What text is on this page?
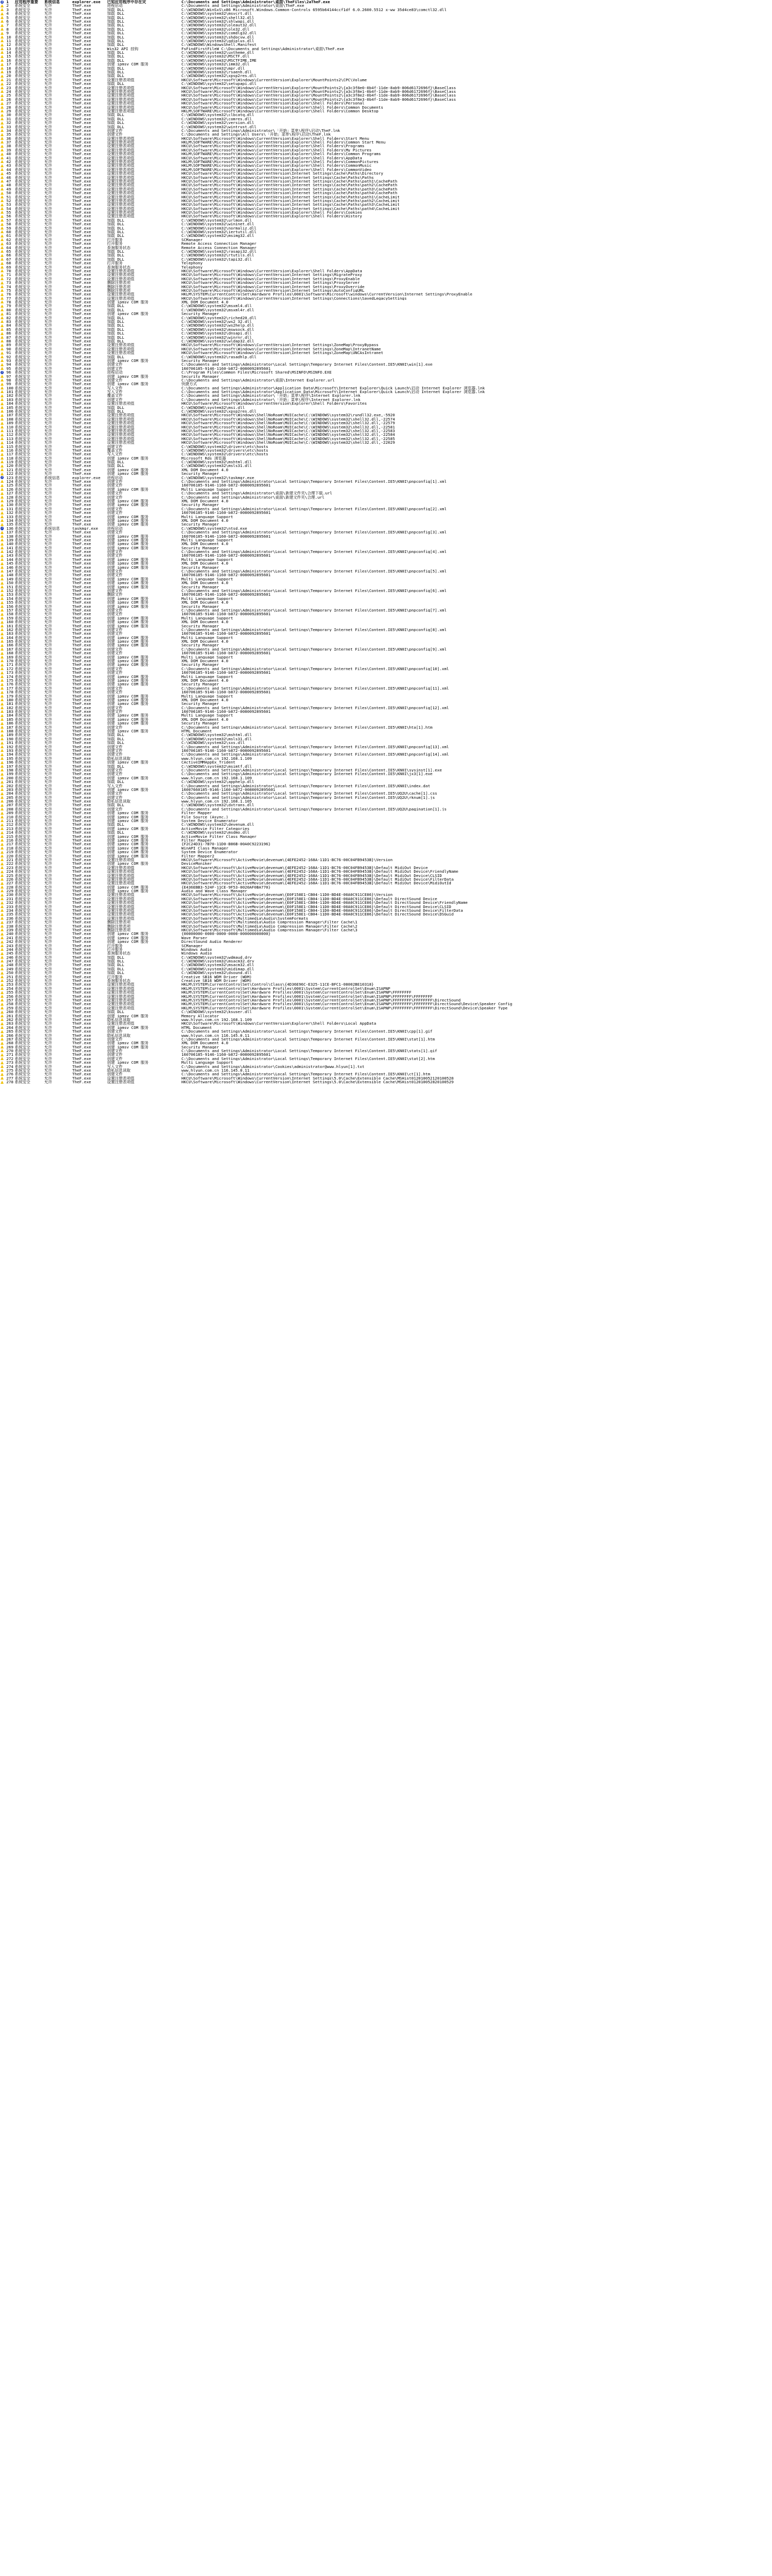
i 1	应用程序重要	系统信息	explorer.exe	已知应用程序中存在灾	C:\Documents and Settings\Administrator\桌面\TheFiles\2aTheF.exe
2	系统安全	允许	TheF.exe	进程启动	C:\Documents and Settings\Administrator\桌面\TheF.exe
3	系统安全	允许	TheF.exe	加载 DLL	C:\WINDOWS\WinSxS\x86_Microsoft.Windows.Common-Controls_6595b64144ccf1df_6.0.2600.5512_x-ww_35d4ce83\comctl32.dll
4	系统安全	允许	TheF.exe	加载 DLL	C:\WINDOWS\system32\msvcrt.dll
5	系统安全	允许	TheF.exe	加载 DLL	C:\WINDOWS\system32\shell32.dll
6	系统安全	允许	TheF.exe	加载 DLL	C:\WINDOWS\system32\shlwapi.dll
7	系统安全	允许	TheF.exe	加载 DLL	C:\WINDOWS\system32\oleaut32.dll
8	系统安全	允许	TheF.exe	加载 DLL	C:\WINDOWS\system32\ole32.dll
9	系统安全	允许	TheF.exe	加载 DLL	C:\WINDOWS\system32\comdlg32.dll
10 系统安全	允许	TheF.exe	加载 DLL	C:\WINDOWS\system32\shdocvw.dll
11 系统安全	允许	TheF.exe	加载 DLL	C:\WINDOWS\system32\gdiplus.dll
12 系统安全	允许	TheF.exe	加载 DLL	C:\WINDOWS\WindowsShell.Manifest
13 系统安全	允许	TheF.exe	Win32 API 挂钩	FsFindFirstFileW C:\Documents and Settings\Administrator\桌面\TheF.exe
14 系统安全	允许	TheF.exe	加载 DLL	C:\WINDOWS\system32\uxtheme.dll
15 系统安全	允许	TheF.exe	加载 DLL	C:\WINDOWS\system32\MSCTF.dll
16 系统安全	允许	TheF.exe	加载 DLL	C:\WINDOWS\system32\MSCTFIME.IME
17 系统安全	允许	TheF.exe	创建 ipmsv COM 服务	C:\WINDOWS\system32\imm32.dll
18 系统安全	允许	TheF.exe	加载 DLL	C:\WINDOWS\system32\mpr.dll
19 系统安全	允许	TheF.exe	加载 DLL	C:\WINDOWS\system32\rsaenh.dll
20 系统安全	允许	TheF.exe	加载 DLL	C:\WINDOWS\system32\xpsp2res.dll
21 系统安全	允许	TheF.exe	设置注册表项值	HKCU\Software\Microsoft\Windows\CurrentVersion\Explorer\MountPoints2\CPC\Volume
22 系统安全	允许	TheF.exe	加载 DLL	C:\WINDOWS\system32\setupapi.dll
23 系统安全	允许	TheF.exe	设置注册表项值	HKCU\Software\Microsoft\Windows\CurrentVersion\Explorer\MountPoints2\{a3c3f8e0-0b4f-11de-8ab9-806d6172696f}\BaseClass
24 系统安全	允许	TheF.exe	设置注册表项值	HKCU\Software\Microsoft\Windows\CurrentVersion\Explorer\MountPoints2\{a3c3f8e1-0b4f-11de-8ab9-806d6172696f}\BaseClass
25 系统安全	允许	TheF.exe	设置注册表项值	HKCU\Software\Microsoft\Windows\CurrentVersion\Explorer\MountPoints2\{a3c3f8e2-0b4f-11de-8ab9-806d6172696f}\BaseClass
26 系统安全	允许	TheF.exe	设置注册表项值	HKCU\Software\Microsoft\Windows\CurrentVersion\Explorer\MountPoints2\{a3c3f8e3-0b4f-11de-8ab9-806d6172696f}\BaseClass
27 系统安全	允许	TheF.exe	设置注册表项值	HKCU\Software\Microsoft\Windows\CurrentVersion\Explorer\Shell Folders\Personal
28 系统安全	允许	TheF.exe	设置注册表项值	HKCU\Software\Microsoft\Windows\CurrentVersion\Explorer\Shell Folders\Common Documents
29 系统安全	允许	TheF.exe	设置注册表项值	HKLM\SOFTWARE\Microsoft\Windows\CurrentVersion\Explorer\Shell Folders\Common Desktop
30 系统安全	允许	TheF.exe	加载 DLL	C:\WINDOWS\system32\clbcatq.dll
31 系统安全	允许	TheF.exe	加载 DLL	C:\WINDOWS\system32\comres.dll
32 系统安全	允许	TheF.exe	加载 DLL	C:\WINDOWS\system32\version.dll
33 系统安全	允许	TheF.exe	加载 DLL	C:\WINDOWS\system32\wintrust.dll
34 系统安全	允许	TheF.exe	创建文件	C:\Documents and Settings\Administrator\「开始」菜单\程序\启动\TheF.lnk
35 系统安全	允许	TheF.exe	创建文件	C:\Documents and Settings\All Users\「开始」菜单\程序\启动\TheF.lnk
36 系统安全	允许	TheF.exe	设置注册表项值	HKCU\Software\Microsoft\Windows\CurrentVersion\Explorer\Shell Folders\Start Menu
37 系统安全	允许	TheF.exe	设置注册表项值	HKLM\SOFTWARE\Microsoft\Windows\CurrentVersion\Explorer\Shell Folders\Common Start Menu
38 系统安全	允许	TheF.exe	设置注册表项值	HKCU\Software\Microsoft\Windows\CurrentVersion\Explorer\Shell Folders\Programs
39 系统安全	允许	TheF.exe	设置注册表项值	HKCU\Software\Microsoft\Windows\CurrentVersion\Explorer\Shell Folders\My Pictures
40 系统安全	允许	TheF.exe	设置注册表项值	HKLM\SOFTWARE\Microsoft\Windows\CurrentVersion\Explorer\Shell Folders\Common Programs
41 系统安全	允许	TheF.exe	设置注册表项值	HKCU\Software\Microsoft\Windows\CurrentVersion\Explorer\Shell Folders\AppData
42 系统安全	允许	TheF.exe	设置注册表项值	HKLM\SOFTWARE\Microsoft\Windows\CurrentVersion\Explorer\Shell Folders\CommonPictures
43 系统安全	允许	TheF.exe	设置注册表项值	HKLM\SOFTWARE\Microsoft\Windows\CurrentVersion\Explorer\Shell Folders\CommonMusic
44 系统安全	允许	TheF.exe	设置注册表项值	HKLM\SOFTWARE\Microsoft\Windows\CurrentVersion\Explorer\Shell Folders\CommonVideo
45 系统安全	允许	TheF.exe	设置注册表项值	HKCU\Software\Microsoft\Windows\CurrentVersion\Internet Settings\Cache\Paths\Directory
46 系统安全	允许	TheF.exe	设置注册表项值	HKCU\Software\Microsoft\Windows\CurrentVersion\Internet Settings\Cache\Paths\Paths
47 系统安全	允许	TheF.exe	设置注册表项值	HKCU\Software\Microsoft\Windows\CurrentVersion\Internet Settings\Cache\Paths\path1\CachePath
48 系统安全	允许	TheF.exe	设置注册表项值	HKCU\Software\Microsoft\Windows\CurrentVersion\Internet Settings\Cache\Paths\path2\CachePath
49 系统安全	允许	TheF.exe	设置注册表项值	HKCU\Software\Microsoft\Windows\CurrentVersion\Internet Settings\Cache\Paths\path3\CachePath
50 系统安全	允许	TheF.exe	设置注册表项值	HKCU\Software\Microsoft\Windows\CurrentVersion\Internet Settings\Cache\Paths\path4\CachePath
51 系统安全	允许	TheF.exe	设置注册表项值	HKCU\Software\Microsoft\Windows\CurrentVersion\Internet Settings\Cache\Paths\path1\CacheLimit
52 系统安全	允许	TheF.exe	设置注册表项值	HKCU\Software\Microsoft\Windows\CurrentVersion\Internet Settings\Cache\Paths\path2\CacheLimit
53 系统安全	允许	TheF.exe	设置注册表项值	HKCU\Software\Microsoft\Windows\CurrentVersion\Internet Settings\Cache\Paths\path3\CacheLimit
54 系统安全	允许	TheF.exe	设置注册表项值	HKCU\Software\Microsoft\Windows\CurrentVersion\Internet Settings\Cache\Paths\path4\CacheLimit
55 系统安全	允许	TheF.exe	设置注册表项值	HKCU\Software\Microsoft\Windows\CurrentVersion\Explorer\Shell Folders\Cookies
56 系统安全	允许	TheF.exe	设置注册表项值	HKCU\Software\Microsoft\Windows\CurrentVersion\Explorer\Shell Folders\History
57 系统安全	允许	TheF.exe	加载 DLL	C:\WINDOWS\system32\urlmon.dll
58 系统安全	允许	TheF.exe	加载 DLL	C:\WINDOWS\system32\wininet.dll
59 系统安全	允许	TheF.exe	加载 DLL	C:\WINDOWS\system32\normaliz.dll
60 系统安全	允许	TheF.exe	加载 DLL	C:\WINDOWS\system32\iertutil.dll
61 系统安全	允许	TheF.exe	加载 DLL	C:\WINDOWS\system32\msimg32.dll
62 系统安全	允许	TheF.exe	打开服务	SCManager
63 系统安全	允许	TheF.exe	打开服务	Remote Access Connection Manager
64 系统安全	允许	TheF.exe	查询服务状态	Remote Access Connection Manager
65 系统安全	允许	TheF.exe	加载 DLL	C:\WINDOWS\system32\rasapi32.dll
66 系统安全	允许	TheF.exe	加载 DLL	C:\WINDOWS\system32\rtutils.dll
67 系统安全	允许	TheF.exe	加载 DLL	C:\WINDOWS\system32\tapi32.dll
68 系统安全	允许	TheF.exe	打开服务	Telephony
69 系统安全	允许	TheF.exe	查询服务状态	Telephony
70 系统安全	允许	TheF.exe	设置注册表项值	HKCU\Software\Microsoft\Windows\CurrentVersion\Explorer\Shell Folders\AppData
71 系统安全	允许	TheF.exe	设置注册表项值	HKCU\Software\Microsoft\Windows\CurrentVersion\Internet Settings\MigrateProxy
72 系统安全	允许	TheF.exe	设置注册表项值	HKCU\Software\Microsoft\Windows\CurrentVersion\Internet Settings\ProxyEnable
73 系统安全	允许	TheF.exe	删除注册表项	HKCU\Software\Microsoft\Windows\CurrentVersion\Internet Settings\ProxyServer
74 系统安全	允许	TheF.exe	删除注册表项	HKCU\Software\Microsoft\Windows\CurrentVersion\Internet Settings\ProxyOverride
75 系统安全	允许	TheF.exe	删除注册表项	HKCU\Software\Microsoft\Windows\CurrentVersion\Internet Settings\AutoConfigURL
76 系统安全	允许	TheF.exe	设置注册表项值	HKLM\SYSTEM\CurrentControlSet\Hardware Profiles\0001\Software\Microsoft\windows\CurrentVersion\Internet Settings\ProxyEnable
77 系统安全	允许	TheF.exe	设置注册表项值	HKCU\Software\Microsoft\Windows\CurrentVersion\Internet Settings\Connections\SavedLegacySettings
78 系统安全	允许	TheF.exe	创建 ipmsv COM 服务	XML DOM Document 4.0
79 系统安全	允许	TheF.exe	加载 DLL	C:\WINDOWS\system32\msxml4.dll
80 系统安全	允许	TheF.exe	加载 DLL	C:\WINDOWS\system32\msxml4r.dll
81 系统安全	允许	TheF.exe	创建 ipmsv COM 服务	Security Manager
82 系统安全	允许	TheF.exe	加载 DLL	C:\WINDOWS\system32\riched20.dll
83 系统安全	允许	TheF.exe	加载 DLL	C:\WINDOWS\system32\ws2_32.dll
84 系统安全	允许	TheF.exe	加载 DLL	C:\WINDOWS\system32\ws2help.dll
85 系统安全	允许	TheF.exe	加载 DLL	C:\WINDOWS\system32\mswsock.dll
86 系统安全	允许	TheF.exe	加载 DLL	C:\WINDOWS\system32\dnsapi.dll
87 系统安全	允许	TheF.exe	加载 DLL	C:\WINDOWS\system32\winrnr.dll
88 系统安全	允许	TheF.exe	加载 DLL	C:\WINDOWS\system32\wldap32.dll
89 系统安全	允许	TheF.exe	设置注册表项值	HKCU\Software\Microsoft\Windows\CurrentVersion\Internet Settings\ZoneMap\ProxyBypass
90 系统安全	允许	TheF.exe	设置注册表项值	HKCU\Software\Microsoft\Windows\CurrentVersion\Internet Settings\ZoneMap\IntranetName
91 系统安全	允许	TheF.exe	设置注册表项值	HKCU\Software\Microsoft\Windows\CurrentVersion\Internet Settings\ZoneMap\UNCAsIntranet
92 系统安全	允许	TheF.exe	加载 DLL	C:\WINDOWS\system32\rasadhlp.dll
93 系统安全	允许	TheF.exe	创建 ipmsv COM 服务	Security Manager
94 系统安全	允许	TheF.exe	创建文件	C:\Documents and Settings\Administrator\Local Settings\Temporary Internet Files\Content.IE5\KN0I\win[1].exe
95 系统安全	允许	TheF.exe	创建文件	160706185-9146-1160-b872-0080092895601
i 96 系统安全	允许	TheF.exe	进程启动	C:\Program Files\Common Files\Microsoft Shared\MSINFO\MSINFO.EXE
97 系统安全	允许	TheF.exe	创建 ipmsv COM 服务	Security Manager
98 系统安全	允许	TheF.exe	创建文件	C:\Documents and Settings\Administrator\桌面\Internet Explorer.url
99 系统安全	允许	TheF.exe	创建 ipmsv COM 服务	快捷方式
100 系统安全	允许	TheF.exe	写入文件	C:\Documents and Settings\Administrator\Application Data\Microsoft\Internet Explorer\Quick Launch\启动 Internet Explorer 浏览器.lnk
101 系统安全	允许	TheF.exe	写入文件	C:\Documents and Settings\Administrator\Application Data\Microsoft\Internet Explorer\Quick Launch\启动 Internet Explorer 浏览器.lnk
102 系统安全	允许	TheF.exe	覆盖文件	C:\Documents and Settings\Administrator\「开始」菜单\程序\Internet Explorer.lnk
103 系统安全	允许	TheF.exe	创建文件	C:\Documents and Settings\Administrator\「开始」菜单\程序\Internet Explorer.lnk
104 系统安全	允许	TheF.exe	设置注册表项值	HKCU\Software\Microsoft\Windows\CurrentVersion\Explorer\Shell Folders\Favorites
105 系统安全	允许	TheF.exe	加载 DLL	C:\WINDOWS\system32\msi.dll
106 系统安全	允许	TheF.exe	加载 DLL	C:\WINDOWS\system32\xpsp2res.dll
107 系统安全	允许	TheF.exe	设置注册表项值	HKCU\Software\Microsoft\Windows\ShellNoRoam\MUICache\C:\WINDOWS\system32\rundll32.exe,-5920
108 系统安全	允许	TheF.exe	设置注册表项值	HKCU\Software\Microsoft\Windows\ShellNoRoam\MUICache\C:\WINDOWS\system32\shell32.dll,-22574
109 系统安全	允许	TheF.exe	设置注册表项值	HKCU\Software\Microsoft\Windows\ShellNoRoam\MUICache\C:\WINDOWS\system32\shell32.dll,-22579
110 系统安全	允许	TheF.exe	设置注册表项值	HKCU\Software\Microsoft\Windows\ShellNoRoam\MUICache\C:\WINDOWS\system32\shell32.dll,-22581
111 系统安全	允许	TheF.exe	设置注册表项值	HKCU\Software\Microsoft\Windows\ShellNoRoam\MUICache\C:\WINDOWS\system32\shell32.dll,-22583
112 系统安全	允许	TheF.exe	设置注册表项值	HKCU\Software\Microsoft\Windows\ShellNoRoam\MUICache\C:\WINDOWS\system32\shell32.dll,-22584
113 系统安全	允许	TheF.exe	设置注册表项值	HKCU\Software\Microsoft\Windows\ShellNoRoam\MUICache\C:\WINDOWS\system32\shell32.dll,-22585
114 系统安全	允许	TheF.exe	设置注册表项值	HKCU\Software\Microsoft\Windows\ShellNoRoam\MUICache\C:\WINDOWS\system32\shell32.dll,-22029
115 系统安全	允许	TheF.exe	创建文件	C:\WINDOWS\system32\drivers\etc\hosts
116 系统安全	允许	TheF.exe	覆盖文件	C:\WINDOWS\system32\drivers\etc\hosts
117 系统安全	允许	TheF.exe	写入文件	C:\WINDOWS\system32\drivers\etc\hosts
118 系统安全	允许	TheF.exe	创建 ipmsv COM 服务	Microsoft Rds 浏览器
119 系统安全	允许	TheF.exe	加载 DLL	C:\WINDOWS\system32\mshtml.dll
120 系统安全	允许	TheF.exe	加载 DLL	C:\WINDOWS\system32\msls31.dll
121 系统安全	允许	TheF.exe	创建 ipmsv COM 服务	XML DOM Document 4.0
122 系统安全	允许	TheF.exe	创建 ipmsv COM 服务	Security Manager
i 123 系统安全	系统信息	explorer.exe	进程启动	C:\WINDOWS\system32\taskmgr.exe
124 系统安全	允许	TheF.exe	创建文件	C:\Documents and Settings\Administrator\Local Settings\Temporary Internet Files\Content.IE5\KN0I\pnpconfig[1].xml
125 系统安全	允许	TheF.exe	创建文件	160706185-9146-1160-b872-0080092895601
126 系统安全	允许	TheF.exe	创建 ipmsv COM 服务	Multi Language Support
127 系统安全	允许	TheF.exe	创建文件	C:\Documents and Settings\Administrator\桌面\新建文件夹\合理下载.url
128 系统安全	允许	TheF.exe	创建文件	C:\Documents and Settings\Administrator\桌面\新建文件夹\合理.url
129 系统安全	允许	TheF.exe	创建 ipmsv COM 服务	XML DOM Document 4.0
130 系统安全	允许	TheF.exe	创建 ipmsv COM 服务	Security Manager
131 系统安全	允许	TheF.exe	创建文件	C:\Documents and Settings\Administrator\Local Settings\Temporary Internet Files\Content.IE5\KN0I\pnpconfig[2].xml
132 系统安全	允许	TheF.exe	创建文件	160706185-9146-1160-b872-0080092895601
133 系统安全	允许	TheF.exe	创建 ipmsv COM 服务	Multi Language Support
134 系统安全	允许	TheF.exe	创建 ipmsv COM 服务	XML DOM Document 4.0
135 系统安全	允许	TheF.exe	创建 ipmsv COM 服务	Security Manager
i 136 系统安全	系统信息	taskmgr.exe	进程启动	C:\WINDOWS\system32\ntsd.exe
137 系统安全	允许	TheF.exe	创建文件	C:\Documents and Settings\Administrator\Local Settings\Temporary Internet Files\Content.IE5\KN0I\pnpconfig[3].xml
138 系统安全	允许	TheF.exe	创建 ipmsv COM 服务	160706185-9146-1160-b872-0080092895601
139 系统安全	允许	TheF.exe	创建 ipmsv COM 服务	Multi Language Support
140 系统安全	允许	TheF.exe	创建 ipmsv COM 服务	XML DOM Document 4.0
141 系统安全	允许	TheF.exe	创建 ipmsv COM 服务	Security Manager
142 系统安全	允许	TheF.exe	创建文件	C:\Documents and Settings\Administrator\Local Settings\Temporary Internet Files\Content.IE5\KN0I\pnpconfig[4].xml
143 系统安全	允许	TheF.exe	创建文件	160706185-9146-1160-b872-0080092895601
144 系统安全	允许	TheF.exe	创建 ipmsv COM 服务	Multi Language Support
145 系统安全	允许	TheF.exe	创建 ipmsv COM 服务	XML DOM Document 4.0
146 系统安全	允许	TheF.exe	创建 ipmsv COM 服务	Security Manager
147 系统安全	允许	TheF.exe	创建文件	C:\Documents and Settings\Administrator\Local Settings\Temporary Internet Files\Content.IE5\KN0I\pnpconfig[5].xml
148 系统安全	允许	TheF.exe	创建文件	160706185-9146-1160-b872-0080092895601
149 系统安全	允许	TheF.exe	创建 ipmsv COM 服务	Multi Language Support
150 系统安全	允许	TheF.exe	创建 ipmsv COM 服务	XML DOM Document 4.0
151 系统安全	允许	TheF.exe	创建 ipmsv COM 服务	Security Manager
152 系统安全	允许	TheF.exe	创建文件	C:\Documents and Settings\Administrator\Local Settings\Temporary Internet Files\Content.IE5\KN0I\pnpconfig[6].xml
153 系统安全	允许	TheF.exe	删除文件	160706185-9146-1160-b872-0080092895601
154 系统安全	允许	TheF.exe	创建 ipmsv COM 服务	Multi Language Support
155 系统安全	允许	TheF.exe	创建 ipmsv COM 服务	XML DOM Document 4.0
156 系统安全	允许	TheF.exe	创建 ipmsv COM 服务	Security Manager
157 系统安全	允许	TheF.exe	创建文件	C:\Documents and Settings\Administrator\Local Settings\Temporary Internet Files\Content.IE5\KN0I\pnpconfig[7].xml
158 系统安全	允许	TheF.exe	创建文件	160706185-9146-1160-b872-0080092895601
159 系统安全	允许	TheF.exe	创建 ipmsv COM 服务	Multi Language Support
160 系统安全	允许	TheF.exe	创建 ipmsv COM 服务	XML DOM Document 4.0
161 系统安全	允许	TheF.exe	创建 ipmsv COM 服务	Security Manager
162 系统安全	允许	TheF.exe	创建文件	C:\Documents and Settings\Administrator\Local Settings\Temporary Internet Files\Content.IE5\KN0I\pnpconfig[8].xml
163 系统安全	允许	TheF.exe	创建文件	160706185-9146-1160-b872-0080092895601
164 系统安全	允许	TheF.exe	创建 ipmsv COM 服务	Multi Language Support
165 系统安全	允许	TheF.exe	创建 ipmsv COM 服务	XML DOM Document 4.0
166 系统安全	允许	TheF.exe	创建 ipmsv COM 服务	Security Manager
167 系统安全	允许	TheF.exe	创建文件	C:\Documents and Settings\Administrator\Local Settings\Temporary Internet Files\Content.IE5\KN0I\pnpconfig[9].xml
168 系统安全	允许	TheF.exe	创建文件	160706185-9146-1160-b872-0080092895601
169 系统安全	允许	TheF.exe	创建 ipmsv COM 服务	Multi Language Support
170 系统安全	允许	TheF.exe	创建 ipmsv COM 服务	XML DOM Document 4.0
171 系统安全	允许	TheF.exe	创建 ipmsv COM 服务	Security Manager
172 系统安全	允许	TheF.exe	创建文件	C:\Documents and Settings\Administrator\Local Settings\Temporary Internet Files\Content.IE5\KN0I\pnpconfig[10].xml
173 系统安全	允许	TheF.exe	创建文件	160706185-9146-1160-b872-0080092895601
174 系统安全	允许	TheF.exe	创建 ipmsv COM 服务	Multi Language Support
175 系统安全	允许	TheF.exe	创建 ipmsv COM 服务	XML DOM Document 4.0
176 系统安全	允许	TheF.exe	创建 ipmsv COM 服务	Security Manager
177 系统安全	允许	TheF.exe	创建文件	C:\Documents and Settings\Administrator\Local Settings\Temporary Internet Files\Content.IE5\KN0I\pnpconfig[11].xml
178 系统安全	允许	TheF.exe	创建文件	160706185-9146-1160-b872-0080092895601
179 系统安全	允许	TheF.exe	创建 ipmsv COM 服务	Multi Language Support
180 系统安全	允许	TheF.exe	创建 ipmsv COM 服务	XML DOM Document 4.0
181 系统安全	允许	TheF.exe	创建 ipmsv COM 服务	Security Manager
182 系统安全	允许	TheF.exe	创建文件	C:\Documents and Settings\Administrator\Local Settings\Temporary Internet Files\Content.IE5\KN0I\pnpconfig[12].xml
183 系统安全	允许	TheF.exe	创建文件	160706185-9146-1160-b872-0080092895601
184 系统安全	允许	TheF.exe	创建 ipmsv COM 服务	Multi Language Support
185 系统安全	允许	TheF.exe	创建 ipmsv COM 服务	XML DOM Document 4.0
186 系统安全	允许	TheF.exe	创建 ipmsv COM 服务	Security Manager
187 系统安全	允许	TheF.exe	创建文件	C:\Documents and Settings\Administrator\Local Settings\Temporary Internet Files\Content.IE5\KN0I\hta[1].htm
188 系统安全	允许	TheF.exe	创建 ipmsv COM 服务	HTML Document
189 系统安全	允许	TheF.exe	加载 DLL	C:\WINDOWS\system32\mshtml.dll
190 系统安全	允许	TheF.exe	加载 DLL	C:\WINDOWS\system32\msls31.dll
191 系统安全	允许	TheF.exe	加载 DLL	C:\WINDOWS\system32\sxs.dll
192 系统安全	允许	TheF.exe	创建文件	C:\Documents and Settings\Administrator\Local Settings\Temporary Internet Files\Content.IE5\KN0I\pnpconfig[13].xml
193 系统安全	允许	TheF.exe	创建文件	160706185-9146-1160-b872-0080092895601
194 系统安全	允许	TheF.exe	创建文件	C:\Documents and Settings\Administrator\Local Settings\Temporary Internet Files\Content.IE5\KN0I\pnpconfig[14].xml
195 系统安全	允许	TheF.exe	隐私信息读取	www.hlyun.com.cn 192.168.1.109
196 系统安全	允许	TheF.exe	创建 ipmsv COM 服务	CActiveIMMAppEx_Trident
197 系统安全	允许	TheF.exe	加载 DLL	C:\WINDOWS\system32\msimtf.dll
198 系统安全	允许	TheF.exe	创建文件	C:\Documents and Settings\Administrator\Local Settings\Temporary Internet Files\Content.IE5\KN0I\sysinst[1].exe
199 系统安全	允许	TheF.exe	创建文件	C:\Documents and Settings\Administrator\Local Settings\Temporary Internet Files\Content.IE5\KN0I\jx3[1].exe
200 系统安全	允许	TheF.exe	创建 ipmsv COM 服务	www.hlyun.com.cn 192.168.1.109
201 系统安全	允许	TheF.exe	加载 DLL	C:\WINDOWS\system32\apphelp.dll
202 系统安全	允许	TheF.exe	写入文件	C:\Documents and Settings\Administrator\Local Settings\Temporary Internet Files\Content.IE5\KN0I\index.dat
203 系统安全	允许	TheF.exe	创建 ipmsv COM 服务	16007660185-9146-1160-b872-0080092895601
204 系统安全	允许	TheF.exe	创建文件	C:\Documents and Settings\Administrator\Local Settings\Temporary Internet Files\Content.IE5\UQ2U\cache[1].css
205 系统安全	允许	TheF.exe	创建文件	C:\Documents and Settings\Administrator\Local Settings\Temporary Internet Files\Content.IE5\UQ2U\rknum[1].js
206 系统安全	允许	TheF.exe	隐私信息读取	www.hlyun.com.cn 192.168.1.105
207 系统安全	允许	TheF.exe	加载 DLL	C:\WINDOWS\system32\dxtrans.dll
208 系统安全	允许	TheF.exe	创建文件	C:\Documents and Settings\Administrator\Local Settings\Temporary Internet Files\Content.IE5\UQ2U\pagination[1].js
209 系统安全	允许	TheF.exe	创建 ipmsv COM 服务	Filter Mapper
210 系统安全	允许	TheF.exe	创建 ipmsv COM 服务	File Source (Async.)
211 系统安全	允许	TheF.exe	创建 ipmsv COM 服务	System Device Enumerator
212 系统安全	允许	TheF.exe	加载 DLL	C:\WINDOWS\system32\devenum.dll
213 系统安全	允许	TheF.exe	创建 ipmsv COM 服务	ActiveMovie Filter Categories
214 系统安全	允许	TheF.exe	加载 DLL	C:\WINDOWS\system32\msdmo.dll
215 系统安全	允许	TheF.exe	创建 ipmsv COM 服务	ActiveMovie Filter Class Manager
216 系统安全	允许	TheF.exe	创建 ipmsv COM 服务	Filter Mapper
217 系统安全	允许	TheF.exe	创建 ipmsv COM 服务	{F2C24D31-7B70-11D0-B86B-00A0C9223196}
218 系统安全	允许	TheF.exe	创建 ipmsv COM 服务	WinAPI Class Manager
219 系统安全	允许	TheF.exe	创建 ipmsv COM 服务	System Device Enumerator
220 系统安全	允许	TheF.exe	创建 ipmsv COM 服务	Filter Mapper2
221 系统安全	允许	TheF.exe	设置注册表项值	HKCU\Software\Microsoft\ActiveMovie\devenum\{4EFE2452-168A-11D1-BC76-00C04FB9453B}\Version
222 系统安全	允许	TheF.exe	创建 ipmsv COM 服务	DeviceMoniker
223 系统安全	允许	TheF.exe	设置注册表项值	HKCU\Software\Microsoft\ActiveMovie\devenum\{4EFE2452-168A-11D1-BC76-00C04FB9453B}\Default MidiOut Device
224 系统安全	允许	TheF.exe	设置注册表项值	HKCU\Software\Microsoft\ActiveMovie\devenum\{4EFE2452-168A-11D1-BC76-00C04FB9453B}\Default MidiOut Device\FriendlyName
225 系统安全	允许	TheF.exe	设置注册表项值	HKCU\Software\Microsoft\ActiveMovie\devenum\{4EFE2452-168A-11D1-BC76-00C04FB9453B}\Default MidiOut Device\CLSID
226 系统安全	允许	TheF.exe	设置注册表项值	HKCU\Software\Microsoft\ActiveMovie\devenum\{4EFE2452-168A-11D1-BC76-00C04FB9453B}\Default MidiOut Device\FilterData
227 系统安全	允许	TheF.exe	设置注册表项值	HKCU\Software\Microsoft\ActiveMovie\devenum\{4EFE2452-168A-11D1-BC76-00C04FB9453B}\Default MidiOut Device\MidiOutId
228 系统安全	允许	TheF.exe	创建 ipmsv COM 服务	{E436EBB3-524F-11CE-9F53-0020AF0BA770}
229 系统安全	允许	TheF.exe	创建 ipmsv COM 服务	Audio and Wave Class Manager
230 系统安全	允许	TheF.exe	设置注册表项值	HKCU\Software\Microsoft\ActiveMovie\devenum\{E0F158E1-CB04-11D0-BD4E-00A0C911CE86}\Version
231 系统安全	允许	TheF.exe	设置注册表项值	HKCU\Software\Microsoft\ActiveMovie\devenum\{E0F158E1-CB04-11D0-BD4E-00A0C911CE86}\Default DirectSound Device
232 系统安全	允许	TheF.exe	设置注册表项值	HKCU\Software\Microsoft\ActiveMovie\devenum\{E0F158E1-CB04-11D0-BD4E-00A0C911CE86}\Default DirectSound Device\FriendlyName
233 系统安全	允许	TheF.exe	设置注册表项值	HKCU\Software\Microsoft\ActiveMovie\devenum\{E0F158E1-CB04-11D0-BD4E-00A0C911CE86}\Default DirectSound Device\CLSID
234 系统安全	允许	TheF.exe	设置注册表项值	HKCU\Software\Microsoft\ActiveMovie\devenum\{E0F158E1-CB04-11D0-BD4E-00A0C911CE86}\Default DirectSound Device\FilterData
235 系统安全	允许	TheF.exe	设置注册表项值	HKCU\Software\Microsoft\ActiveMovie\devenum\{E0F158E1-CB04-11D0-BD4E-00A0C911CE86}\Default DirectSound Device\DSGuid
236 系统安全	允许	TheF.exe	设置注册表项值	HKCU\Software\Microsoft\Multimedia\Audio\SystemFormats
237 系统安全	允许	TheF.exe	删除注册表项	HKCU\Software\Microsoft\Multimedia\Audio Compression Manager\Filter Cache\1
238 系统安全	允许	TheF.exe	删除注册表项	HKCU\Software\Microsoft\Multimedia\Audio Compression Manager\Filter Cache\2
239 系统安全	允许	TheF.exe	删除注册表项	HKCU\Software\Microsoft\Multimedia\Audio Compression Manager\Filter Cache\3
240 系统安全	允许	TheF.exe	创建 ipmsv COM 服务	{00000000-0000-0000-0000-000000000000}
241 系统安全	允许	TheF.exe	创建 ipmsv COM 服务	Wave Parser
242 系统安全	允许	TheF.exe	创建 ipmsv COM 服务	DirectSound Audio Renderer
243 系统安全	允许	TheF.exe	打开服务	SCManager
244 系统安全	允许	TheF.exe	打开服务	Windows Audio
245 系统安全	允许	TheF.exe	查询服务状态	Windows Audio
246 系统安全	允许	TheF.exe	加载 DLL	C:\WINDOWS\system32\wdmaud.drv
247 系统安全	允许	TheF.exe	加载 DLL	C:\WINDOWS\system32\msacm32.drv
248 系统安全	允许	TheF.exe	加载 DLL	C:\WINDOWS\system32\msacm32.dll
249 系统安全	允许	TheF.exe	加载 DLL	C:\WINDOWS\system32\midimap.dll
250 系统安全	允许	TheF.exe	加载 DLL	C:\WINDOWS\system32\dsound.dll
251 系统安全	允许	TheF.exe	打开服务	Creative SB16 WDM Driver (WDM)
252 系统安全	允许	TheF.exe	查询服务状态	Creative SB16 WDM Driver (WDM)
253 系统安全	允许	TheF.exe	设置注册表项值	HKLM\SYSTEM\CurrentControlSet\Control\Class\{4D36E96C-E325-11CE-BFC1-08002BE10318}
254 系统安全	允许	TheF.exe	设置注册表项值	HKLM\SYSTEM\CurrentControlSet\Hardware Profiles\0001\System\CurrentControlSet\Enum\ISAPNP
255 系统安全	允许	TheF.exe	设置注册表项值	HKLM\SYSTEM\CurrentControlSet\Hardware Profiles\0001\System\CurrentControlSet\Enum\ISAPNP\FFFFFFFF
256 系统安全	允许	TheF.exe	设置注册表项值	HKLM\SYSTEM\CurrentControlSet\Hardware Profiles\0001\System\CurrentControlSet\Enum\ISAPNP\FFFFFFFF\FFFFFFFF
257 系统安全	允许	TheF.exe	设置注册表项值	HKLM\SYSTEM\CurrentControlSet\Hardware Profiles\0001\System\CurrentControlSet\Enum\ISAPNP\FFFFFFFF\FFFFFFFF\DirectSound
258 系统安全	允许	TheF.exe	设置注册表项值	HKLM\SYSTEM\CurrentControlSet\Hardware Profiles\0001\System\CurrentControlSet\Enum\ISAPNP\FFFFFFFF\FFFFFFFF\DirectSound\Device\Speaker Config
259 系统安全	允许	TheF.exe	设置注册表项值	HKLM\SYSTEM\CurrentControlSet\Hardware Profiles\0001\System\CurrentControlSet\Enum\ISAPNP\FFFFFFFF\FFFFFFFF\DirectSound\Device\Speaker Type
260 系统安全	允许	TheF.exe	加载 DLL	C:\WINDOWS\system32\ksuser.dll
261 系统安全	允许	TheF.exe	创建 ipmsv COM 服务	Memory Allocator
262 系统安全	允许	TheF.exe	隐私信息读取	www.hlyun.com.cn 192.168.1.109
263 系统安全	允许	TheF.exe	设置注册表项值	HKCU\Software\Microsoft\Windows\CurrentVersion\Explorer\Shell Folders\Local AppData
264 系统安全	允许	TheF.exe	创建 ipmsv COM 服务	HTML Document
265 系统安全	允许	TheF.exe	创建文件	C:\Documents and Settings\Administrator\Local Settings\Temporary Internet Files\Content.IE5\KN0I\cpp[1].gif
266 系统安全	允许	TheF.exe	隐私信息读取	www.hlyun.com.cn 116.145.0.11
267 系统安全	允许	TheF.exe	创建文件	C:\Documents and Settings\Administrator\Local Settings\Temporary Internet Files\Content.IE5\KN0I\stat[1].htm
268 系统安全	允许	TheF.exe	创建 ipmsv COM 服务	XML DOM Document 4.0
269 系统安全	允许	TheF.exe	创建 ipmsv COM 服务	Security Manager
270 系统安全	允许	TheF.exe	创建文件	C:\Documents and Settings\Administrator\Local Settings\Temporary Internet Files\Content.IE5\KN0I\stats[1].gif
271 系统安全	允许	TheF.exe	创建文件	160706185-9146-1160-b872-0080092895601
272 系统安全	允许	TheF.exe	创建文件	C:\Documents and Settings\Administrator\Local Settings\Temporary Internet Files\Content.IE5\KN0I\stat[2].htm
273 系统安全	允许	TheF.exe	创建 ipmsv COM 服务	Multi Language Support
274 系统安全	允许	TheF.exe	写入文件	C:\Documents and Settings\Administrator\Cookies\administrator@www.hlyun[1].txt
275 系统安全	允许	TheF.exe	隐私信息读取	www.hlyun.com.cn 116.145.0.11
276 系统安全	允许	TheF.exe	创建文件	C:\Documents and Settings\Administrator\Local Settings\Temporary Internet Files\Content.IE5\KN0I\ct[1].htm
277 系统安全	允许	TheF.exe	设置注册表项值	HKCU\Software\Microsoft\Windows\CurrentVersion\Internet Settings\5.0\Cache\Extensible Cache\MSHist012010052120100528
278 系统安全	允许	TheF.exe	设置注册表项值	HKCU\Software\Microsoft\Windows\CurrentVersion\Internet Settings\5.0\Cache\Extensible Cache\MSHist012010052820100529
